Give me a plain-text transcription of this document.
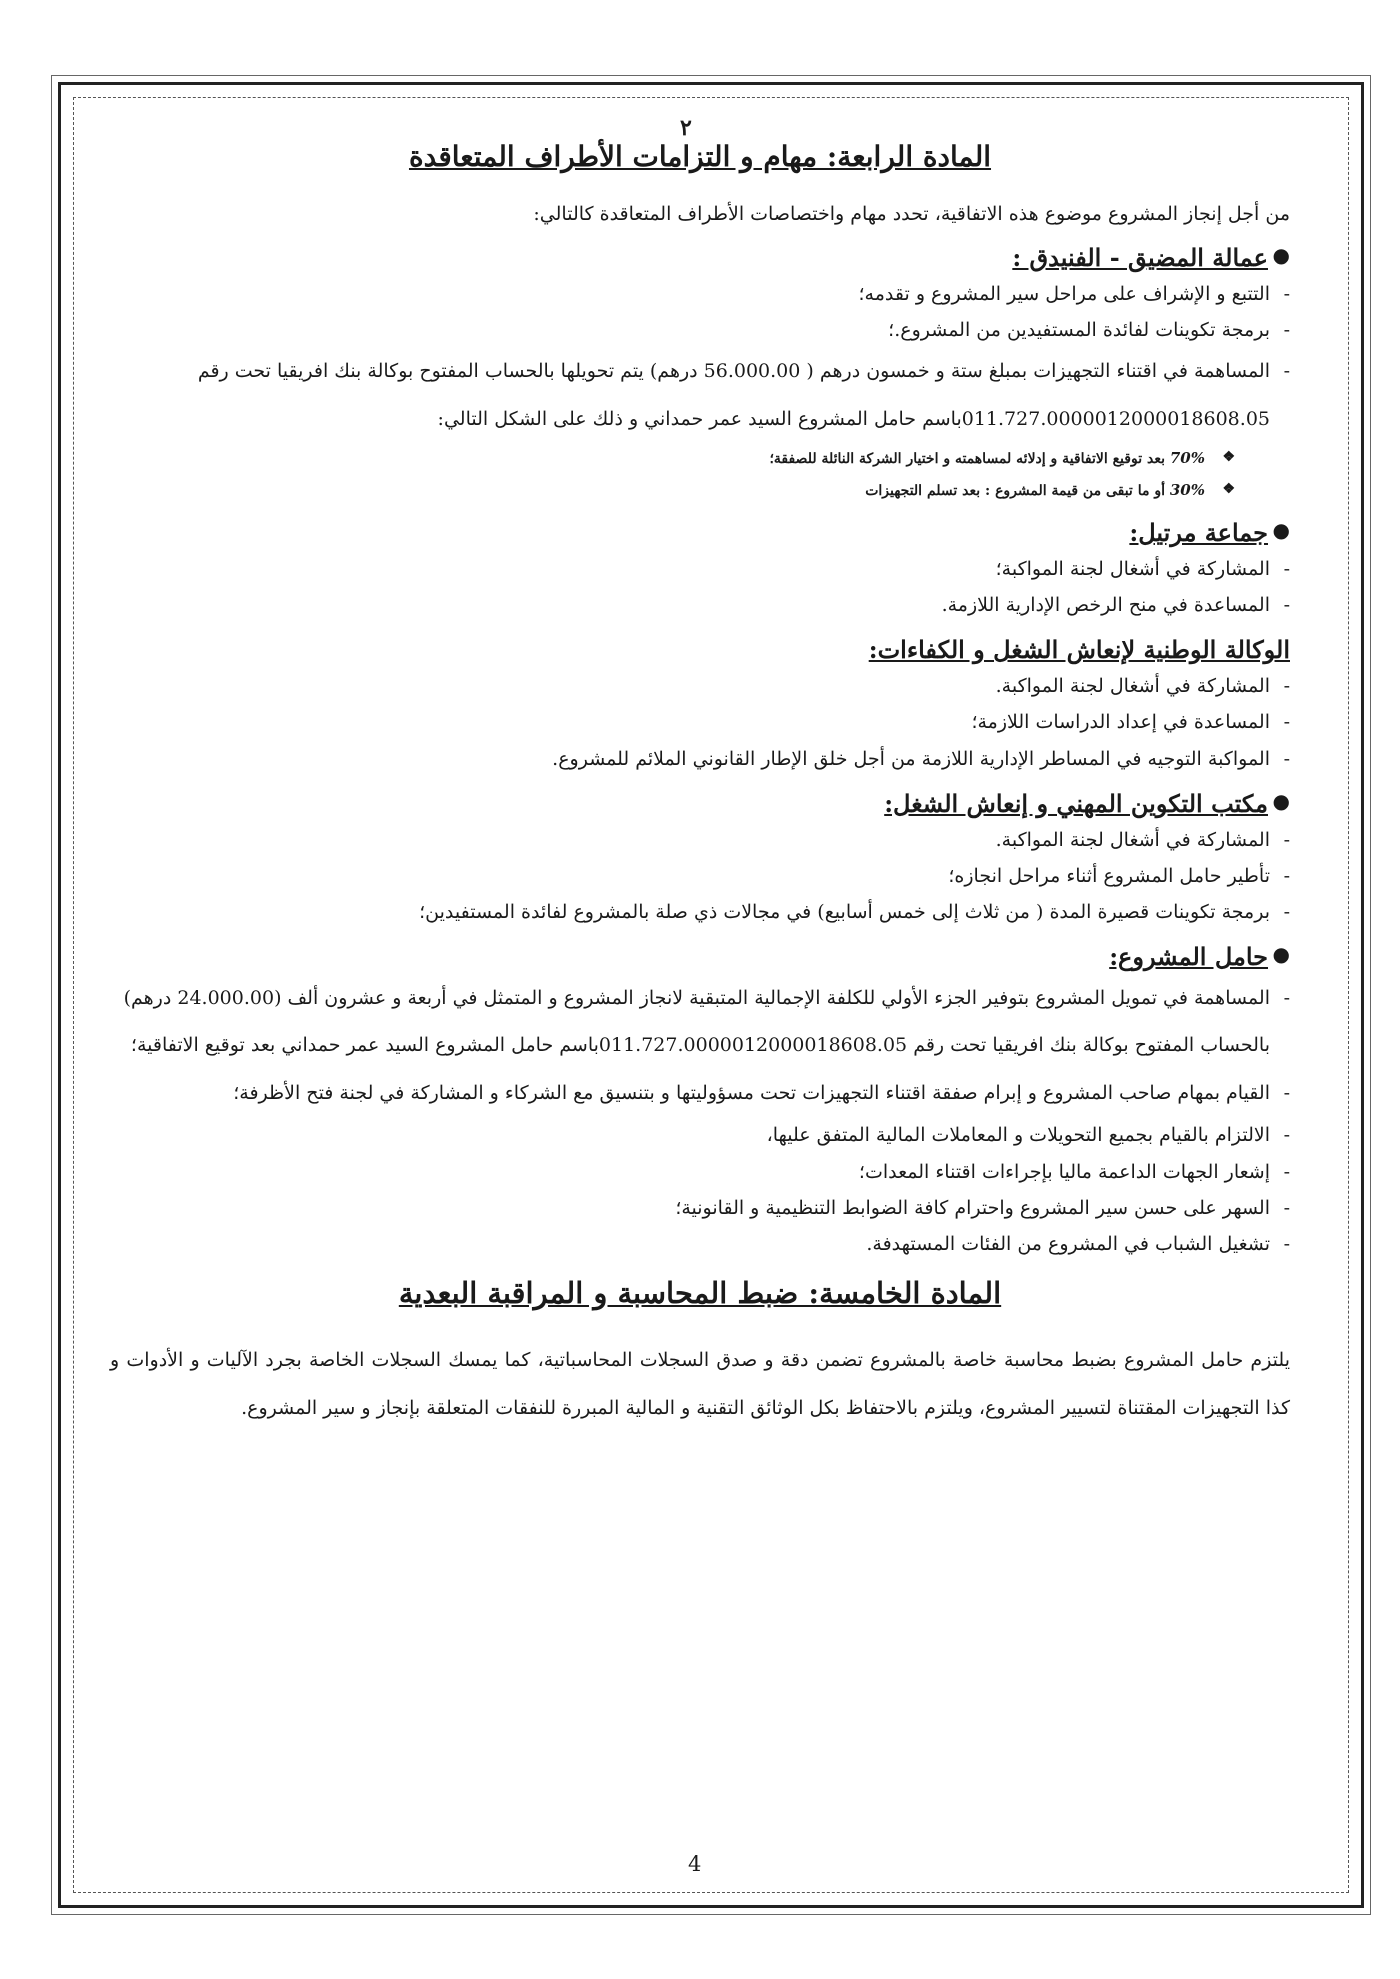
٢
المادة الرابعة: مهام و التزامات الأطراف المتعاقدة

من أجل إنجاز المشروع موضوع هذه الاتفاقية، تحدد مهام واختصاصات الأطراف المتعاقدة كالتالي:

●
عمالة المضيق - الفنيدق :

-
التتبع و الإشراف على مراحل سير المشروع و تقدمه؛

-
برمجة تكوينات لفائدة المستفيدين من المشروع.؛

-
المساهمة في اقتناء التجهيزات بمبلغ ستة و خمسون درهم ( 56.000.00 درهم) يتم تحويلها بالحساب المفتوح بوكالة بنك افريقيا تحت رقم 011.727.0000012000018608.05باسم حامل المشروع السيد عمر حمداني و ذلك على الشكل التالي:

❖
70% بعد توقيع الاتفاقية و إدلائه لمساهمته و اختيار الشركة النائلة للصفقة؛
❖
30% أو ما تبقى من قيمة المشروع : بعد تسلم التجهيزات
●
جماعة مرتيل:

-
المشاركة في أشغال لجنة المواكبة؛

-
المساعدة في منح الرخص الإدارية اللازمة.

الوكالة الوطنية لإنعاش الشغل و الكفاءات:

-
المشاركة في أشغال لجنة المواكبة.

-
المساعدة في إعداد الدراسات اللازمة؛

-
المواكبة التوجيه في المساطر الإدارية اللازمة من أجل خلق الإطار القانوني الملائم للمشروع.

●
مكتب التكوين المهني و إنعاش الشغل:

-
المشاركة في أشغال لجنة المواكبة.

-
تأطير حامل المشروع أثناء مراحل انجازه؛

-
برمجة تكوينات قصيرة المدة ( من ثلاث إلى خمس أسابيع) في مجالات ذي صلة بالمشروع لفائدة المستفيدين؛

●
حامل المشروع:

-
المساهمة في تمويل المشروع بتوفير الجزء الأولي للكلفة الإجمالية المتبقية لانجاز المشروع و المتمثل في أربعة و عشرون ألف (24.000.00 درهم) بالحساب المفتوح بوكالة بنك افريقيا تحت رقم 011.727.0000012000018608.05باسم حامل المشروع السيد عمر حمداني بعد توقيع الاتفاقية؛

-
القيام بمهام صاحب المشروع و إبرام صفقة اقتناء التجهيزات تحت مسؤوليتها و بتنسيق مع الشركاء و المشاركة في لجنة فتح الأظرفة؛

-
الالتزام بالقيام بجميع التحويلات و المعاملات المالية المتفق عليها،

-
إشعار الجهات الداعمة ماليا بإجراءات اقتناء المعدات؛

-
السهر على حسن سير المشروع واحترام كافة الضوابط التنظيمية و القانونية؛

-
تشغيل الشباب في المشروع من الفئات المستهدفة.

المادة الخامسة: ضبط المحاسبة و المراقبة البعدية

يلتزم حامل المشروع بضبط محاسبة خاصة بالمشروع تضمن دقة و صدق السجلات المحاسباتية، كما يمسك السجلات الخاصة بجرد الآليات و الأدوات و كذا التجهيزات المقتناة لتسيير المشروع، ويلتزم بالاحتفاظ بكل الوثائق التقنية و المالية المبررة للنفقات المتعلقة بإنجاز و سير المشروع.

4
